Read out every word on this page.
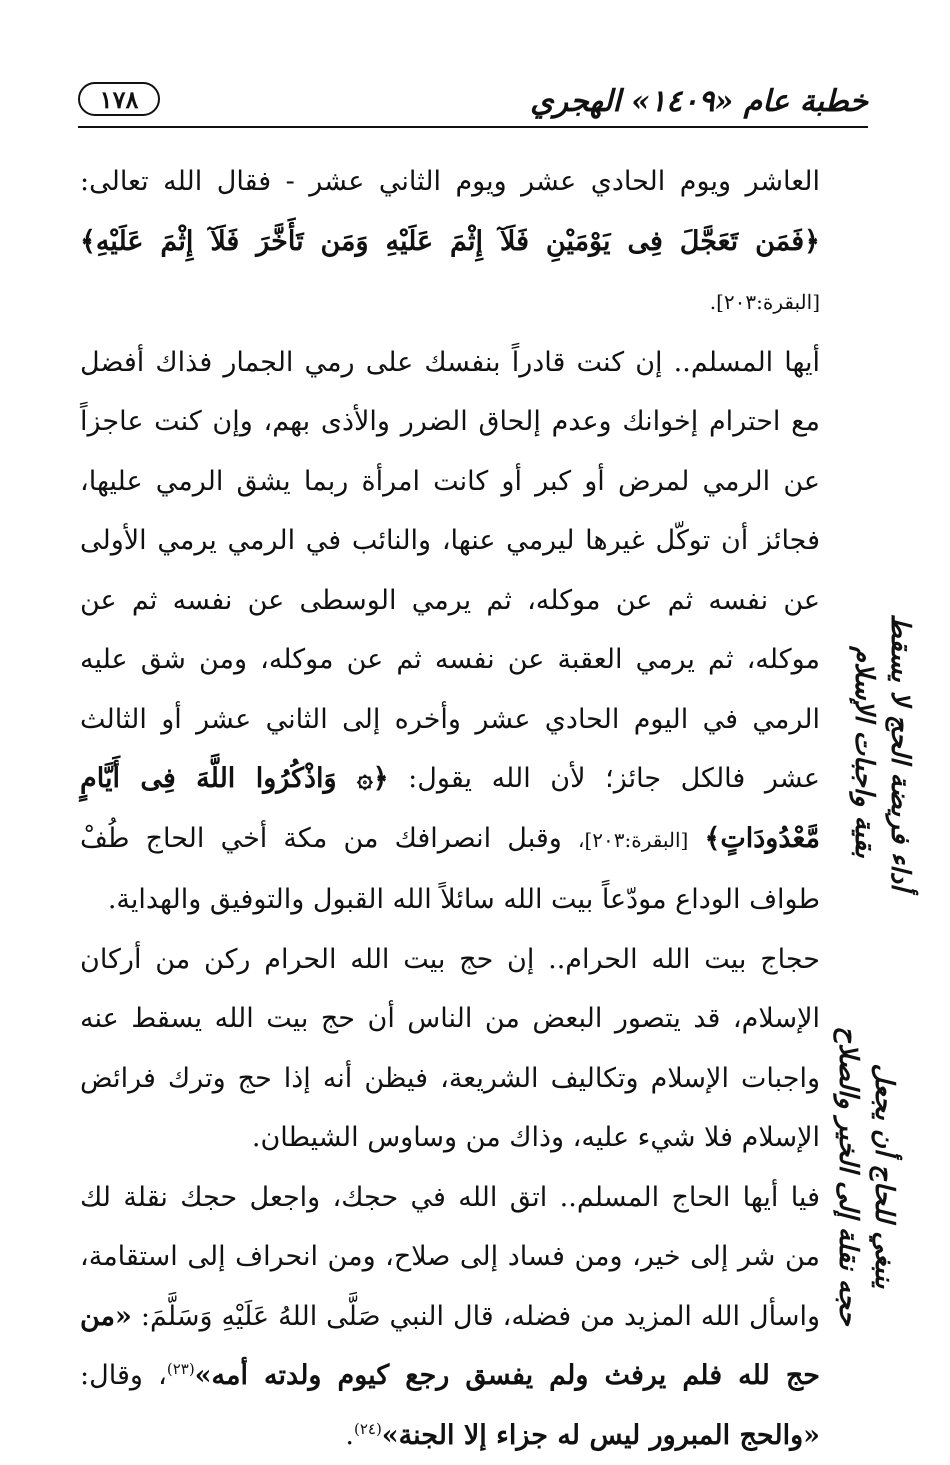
خطبة عام «١٤٠٩» الهجري
١٧٨

العاشر ويوم الحادي عشر ويوم الثاني عشر - فقال الله تعالى: ﴿فَمَن تَعَجَّلَ فِى يَوْمَيْنِ فَلَآ إِثْمَ عَلَيْهِ وَمَن تَأَخَّرَ فَلَآ إِثْمَ عَلَيْهِ﴾ [البقرة:٢٠٣].

أيها المسلم.. إن كنت قادراً بنفسك على رمي الجمار فذاك أفضل مع احترام إخوانك وعدم إلحاق الضرر والأذى بهم، وإن كنت عاجزاً عن الرمي لمرض أو كبر أو كانت امرأة ربما يشق الرمي عليها، فجائز أن توكّل غيرها ليرمي عنها، والنائب في الرمي يرمي الأولى عن نفسه ثم عن موكله، ثم يرمي الوسطى عن نفسه ثم عن موكله، ثم يرمي العقبة عن نفسه ثم عن موكله، ومن شق عليه الرمي في اليوم الحادي عشر وأخره إلى الثاني عشر أو الثالث عشر فالكل جائز؛ لأن الله يقول: ﴿۞ وَاذْكُرُوا اللَّهَ فِى أَيَّامٍ مَّعْدُودَاتٍ﴾ [البقرة:٢٠٣]، وقبل انصرافك من مكة أخي الحاج طُفْ طواف الوداع مودّعاً بيت الله سائلاً الله القبول والتوفيق والهداية.

حجاج بيت الله الحرام.. إن حج بيت الله الحرام ركن من أركان الإسلام، قد يتصور البعض من الناس أن حج بيت الله يسقط عنه واجبات الإسلام وتكاليف الشريعة، فيظن أنه إذا حج وترك فرائض الإسلام فلا شيء عليه، وذاك من وساوس الشيطان.

فيا أيها الحاج المسلم.. اتق الله في حجك، واجعل حجك نقلة لك من شر إلى خير، ومن فساد إلى صلاح، ومن انحراف إلى استقامة، واسأل الله المزيد من فضله، قال النبي صَلَّى اللهُ عَلَيْهِ وَسَلَّمَ: «من حج لله فلم يرفث ولم يفسق رجع كيوم ولدته أمه»$^{(٢٣)}$، وقال: «والحج المبرور ليس له جزاء إلا الجنة»$^{(٢٤)}$.

أداء فريضة الحج لا يسقط
بقية واجبات الإسلام
ينبغي للحاج أن يجعل
حجه نقلة إلى الخير والصلاح
